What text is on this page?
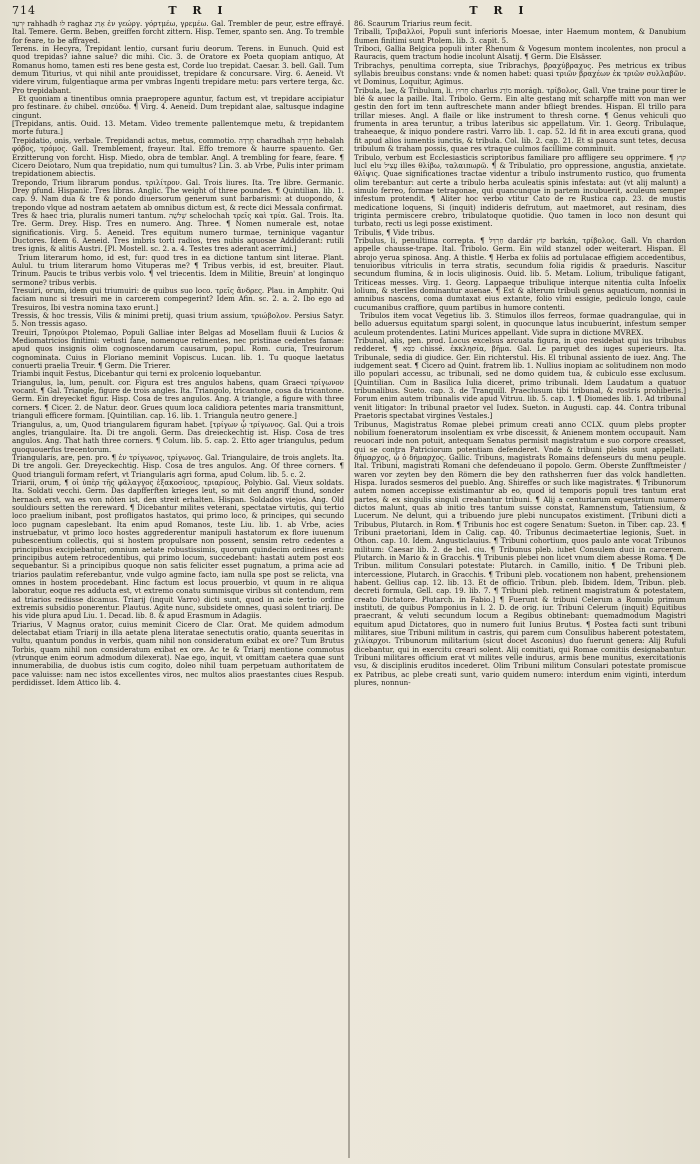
714	T R I	T R I

יִרְעַד rahhadh לוּ raghaz אָרַג ἐν γεώργ. γόρτμέω, γρεμέω. Gal. Trembler de peur, estre effrayé. Ital. Temere. Germ. Beben, greiffen forcht zittern. Hisp. Temer, spanto sen. Ang. To tremble for feare, to be affrayed.

Terens. in Hecyra, Trepidant lentio, cursant furiu deorum. Terens. in Eunuch. Quid est quod trepidas? iahne salue? dic mihi. Cic. 3. de Oratore ex Poeta quopiam antiquo, At Romanus homo, tamen esti res bene gesta est, Corde luo trepidat. Caesar. 3. bell. Gall. Tum demum Titurius, vt qui nihil ante prouidisset, trepidare & concursare. Virg. 6. Aeneid. Vt videre virum, fulgentiaque arma per vmbras Ingenti trepidare metu: pars vertere terga, &c. Pro trepidabant.

Et quoniam a tinentibus omnia praepropere aguntur, factum est, vt trepidare accipiatur pro festinare. ἐν chibel. σπεύδω. ¶ Virg. 4. Aeneid. Dum trepidant alae, saltusque indagine cingunt.

[Trepidans, antis. Ouid. 13. Metam. Video tremente pallentemque metu, & trepidantem morte futura.]

Trepidatio, onis, verbale. Trepidandi actus, metus, commotio. חֲרָדָה charadhah חֶרְדָּה hebalah φόβος, τρόμος. Gall. Tremblement, frayeur. Ital. Effo tremore & haurre spauento. Ger. Erzitterung von forcht. Hisp. Miedo, obra de temblar. Angl. A trembling for feare, feare. ¶ Cicero Deiotaro, Num qua trepidatio, num qui tumultus? Lin. 3. ab Vrbe, Pulis inter primam trepidationem abiectis.

Trepondo, Trium librarum pondus. τριλίτρον. Gal. Trois liures. Ita. Tre libre. Germanic. Drey pfund. Hispanic. Tres libras. Anglic. The weight of three poundes. ¶ Quintilian. lib. 1. cap. 9. Nam dua & tre & pondo diuersorum generum sunt barbarismi: at duopondo, & trepondo vlque ad nostram aetatem ab omnibus dictum est, & recte dici Messala confirmat.

Tres & haec tria, pluralis numeri tantum. שְׁלֹשָׁה schelochah τρεῖς καὶ τρία. Gal. Trois. Ita. Tre. Germ. Drey. Hisp. Tres en numero. Ang. Three. ¶ Nomen numerale est, notae significationis. Virg. 5. Aeneid. Tres equitum numero turmae, terninique vagantur Ductores. Idem 6. Aeneid. Tres imbris torti radios, tres nubis aquosae Addiderant: rutili tres ignis, & alitis Austri. [Pl. Mostell. sc. 2. a. 4. Testes tres aderant acerrimi.]

Trium literarum homo, id est, fur: quod tres in ea dictione tantum sint literae. Plant. Aulul. tu trium literarum homo Vituperas me? ¶ Tribus verbis, id est, breuiter. Plaut. Trinum. Paucis te tribus verbis volo. ¶ vel triecentis. Idem in Militie, Breuin' at longinquo sermone? tribus verbis.

Tresuiri, orum, idem qui triumuiri: de quibus suo loco. τρεῖς ἄνδρες. Plau. in Amphitr. Qui faciam nunc si tresuiri me in carcerem compegerint? Idem Afin. sc. 2. a. 2. Ibo ego ad Tresuiros, Ibi vestra nomina taxo erunt.]

Tressis, & hoc tressis, Vilis & minimi pretij, quasi trium assium, τριώβολον. Persius Satyr. 5. Non tressis agaso.

Treuiri, Τρηούιροι Ptolemao, Populi Galliae inter Belgas ad Mosellam fluuii & Lucios & Mediomatricios finitimi: vetusti fane, nomenque retinentes, nec pristinae cedentes famae: apud quos insignis olim cognoscendarum causarum, popul. Rom. curia, Treuirorum cognominata. Cuius in Floriano meminit Vopiscus. Lucan. lib. 1. Tu quoque laetatus conuerti praelia Treuir. ¶ Germ. Die Trierer.

Triambi inquit Festus, Dicebantur qui terni ex prolcenio loquebantur.

Triangulus, la, lum, penult. cor. Figura est tres angulos habens, quam Graeci τρίγωνον vocant. ¶ Gal. Triangle, figure de trois angles. Ita. Triangolo, tricantone, cosa da tricantone. Germ. Ein dreyecket figur. Hisp. Cosa de tres angulos. Ang. A triangle, a figure with three corners. ¶ Cicer. 2. de Natur. deor. Grues quum loca calidiora petentes maria transmittunt, trianguli efficere formam. [Quintilian. cap. 16. lib. 1. Triangula neutro genere.]

Triangulus, a, um, Quod triangularem figuram habet. [τρίγων ᾧ τρίγωνος. Gal. Qui a trois angles, triangulaire. Ita. Di tre angoli. Germ. Das dreieckechtig ist. Hisp. Cosa de tres angulos. Ang. That hath three corners. ¶ Colum. lib. 5. cap. 2. Etto ager triangulus, pedum quoquouerfus trecentorum.

Triangularis, are, pen. pro. ¶ ἐν τρίγωνος, τρίγωνος. Gal. Triangulaire, de trois anglets. Ita. Di tre angoli. Ger. Dreyeckechtig. Hisp. Cosa de tres angulos. Ang. Of three corners. ¶ Quod trianguli formam refert, vt Triangularis agri forma, apud Colum. lib. 5. c. 2.

Triarii, orum, ¶ οἱ ὑπὲρ τῆς φάλαγγος ἐξακοσίους, τριαρίους, Polybio. Gal. Vieux soldats. Ita. Soldati vecchi. Germ. Das dapfferften krieges leut, so mit den angriff thund, sonder hernach erst, wa es von nöten ist, den streit erhalten. Hispan. Soldados viejos. Ang. Old souldiours setten the rereward. ¶ Dicebantur milites veterani, spectatae virtutis, qui tertio loco praelium inibant, post profligatos hastatos, qui primo loco, & principes, qui secundo loco pugnam capeslebant. Ita enim apud Romanos, teste Liu. lib. 1. ab Vrbe, acies instruebatur, vt primo loco hostes aggrederentur manipuli hastatorum ex flore iuuenum pubescentium collectis, qui si hostem propulsare non possent, sensim retro cedentes a principibus excipiebantur, omnium aetate robustissimis, quorum quindecim ordines erant: principibus autem retrocedentibus, qui primo locum, succedebant: hastati autem post eos sequebantur. Si a principibus quoque non satis feliciter esset pugnatum, a prima acie ad triarios paulatim referebantur, vnde vulgo agmine facto, iam nulla spe post se relicta, vna omnes in hostem procedebant. Hinc factum est locus prouerbio, vt quum in re aliqua laboratur, eoque res adducta est, vt extremo conatu summisque viribus sit contendum, rem ad triarios rediisse dicamus. Triarij (inquit Varro) dicti sunt, quod in acie tertio ordine extremis subsidio ponerentur. Plautus. Agite nunc, subsidete omnes, quasi solent triarij. De his vide plura apud Liu. 1. Decad. lib. 8. & apud Erasmum in Adagiis.

Triarius, V Magnus orator, cuius meminit Cicero de Clar. Orat. Me quidem admodum delectabat etiam Triarij in illa aetate plena literatae senectutis oratio, quanta seueritas in vultu, quantum pondus in verbis, quam nihil non consideratum exibat ex ore? Tum Brutus Torbis, quam nihil non consideratum exibat ex ore. Ac te & Triarij mentione commotus (vtrunque enim eorum admodum dilexerat). Nae ego, inquit, vt omittam caetera quae sunt innumerabilia, de duobus istis cum cogito, doleo nihil tuam perpetuam authoritatem de pace valuisse: nam nec istos excellentes viros, nec multos alios praestantes ciues Respub. perdidisset. Idem Attico lib. 4.

86. Scaurum Triarius reum fecit.

Triballi, Τριβαλλοί, Populi sunt inferioris Moesae, inter Haemum montem, & Danubium flumen finitimi sunt Ptolem. lib. 3. capit. 5.

Triboci, Gallia Belgica populi inter Rhenum & Vogesum montem incolentes, non procul a Rauracis, quem tractum hodie incolunt Alsatij. ¶ Germ. Die Elsässer.

Tribrachys, penultima correpta, siue Tribrachys, βραχύβραχυς. Pes metricus ex tribus syllabis breuibus constans: vnde & nomen habet: quasi τριῶν βραχέων ἐκ τριῶν συλλαβῶν. vt Dominus, Loquitur, Agimus.

Tribula, lae, & Tribulum, li. חָרוּץ charlus מוֹרַג morágh. τρίβολος. Gall. Vne traine pour tirer le blé & auec la paille. Ital. Tribolo. Germ. Ein alte gestang mit scharpffe mitt von man wer gestin den fort im tenn auftreschete mann ander bfliegt brendes. Hispan. El trillo para trillar mieses. Angl. A flaile or like instrument to thresh corne. ¶ Genus vehiculi quo frumenta in area teruntur, a tribus lateribus sic appellatum. Vir. 1. Georg. Tribulaque, traheaeque, & iniquo pondere rastri. Varro lib. 1. cap. 52. Id fit in area excuti grana, quod fit apud alios iumentis iunctis, & tribula. Col. lib. 2. cap. 21. Et si pauca sunt tetes, decusa tribulum & traham possis, quae res vtraque culmos facillime comminuit.

Tribulo, verbum est Ecclesiasticis scriptoribus familiare pro affligere seu opprimere. ¶ קוץ lucl elu עֲצִיל illes θλίβω, ταλαιπωρῶ. ¶ & Tribulatio, pro oppressione, angustia, anxietate. θλῖψις. Quae significationes tractae videntur a tribulo instrumento rustico, quo frumenta olim terebantur: aut certe a tribulo herba aculeatis spinis infestata: aut (vt alij malunt) a simulo ferreo, formae tetragonae, qui quancunque in partem incubuerit, aculeum semper infestum protendit. ¶ Aliter hoc verbo vtitur Cato de re Rustica cap. 23. de mustis medicatione loquens, Si (inquit) indideris defrutum, aut maetmoret, aut resinam, dies triginta permiscere crebro, tribulatoque quotidie. Quo tamen in loco non desunt qui turbato, recti us legi posse existiment.

Tribulis, ¶ Vide tribus.

Tribulus, li, penultima correpta. ¶ חַרְדָּל dardár קוֹץ barkán, τρίβολος. Gall. Vn chardon appelle chausse-trape. Ital. Tribolo. Germ. Ein wild stanzel oder weiterart. Hispan. El abrojo yerua spinosa. Ang. A thistle. ¶ Herba ex foliis ad portulacae effigiem accedentibus, tenuioribus vitriculis in terra stratis, secundum folia rigidis & praeduris. Nascitur secundum flumina, & in locis uliginosis. Ouid. lib. 5. Metam. Lolium, tribulique fatigant, Triticeas messes. Virg. 1. Georg. Lappaeque tribulique interque nitentia culta Infoelix lolium, & steriles dominantur auenae. ¶ Est & alterum tribuli genus aquaticum, nonnisi in amnibus nascens, coma dumtaxat eius extante, folio vlmi essigie, pediculo longo, caule cucumanibus craffiore, quum partibus in humore contenti.

Tribulos item vocat Vegetius lib. 3. Stimulos illos ferreos, formae quadrangulae, qui in bello aduersus equitatum spargi solent, in quocunque latus incubuerint, infestum semper aculeum protendentes. Latini Murices appellant. Vide supra in dictione MVREX.

Tribunal, alis, pen. prod. Locus excelsus arcuata figura, in quo residebat qui ius tribubus redderet. ¶ כִּסֵּא chissé. ἐκκλησία, βῆμα. Gal. Le parquet des iuges superieurs. Ita. Tribunale, sedia di giudice. Ger. Ein richterstul. His. El tribunal assiento de iuez. Ang. The iudgement seat. ¶ Cicero ad Quint. fratrem lib. 1. Nullius inopiam ac solitudinem non modo illo populari accessu, ac tribunali, sed ne domo quidem tua, & cubiculo esse exclusum. [Quintilian. Cum in Basilica Iulia diceret, primo tribunali. Idem Laudatum a quatuor tribunalibus. Sueto. cap. 3. de Tranquill. Praeclusum tibi tribunal, & rostris prohiberis.] Forum enim autem tribunalis vide apud Vitruu. lib. 5. cap. 1. ¶ Diomedes lib. 1. Ad tribunal venit litigator: In tribunal praetor vel Iudex. Sueton. in Augusti. cap. 44. Contra tribunal Praetoris spectabat virgines Vestales.]

Tribunus, Magistratus Romae plebei primum creati anno CCLX. quum plebs propter nobilium foeneratorum insolentiam ex vrbe discessit, & Anienem montem occupauit. Nam reuocari inde non potuit, antequam Senatus permisit magistratum e suo corpore creasset, qui se contra Patriciorum potentiam defenderet. Vnde & tribuni plebis sunt appellati. δήμαρχος, ᾧ ὁ δήμαρχος. Gallic. Tribuns, magistrats Romains defenseurs du menu peuple. Ital. Tribuni, magistrati Romani che defendeuano il popolo. Germ. Oberste Zunfftmeister / waren vor zeyten bey den Römern die bey den rathsherren fuer das volck handletten. Hispa. Iurados sesmeros del pueblo. Ang. Shireffes or such like magistrates. ¶ Tribunorum autem nomen accepisse existimantur ab eo, quod id temporis populi tres tantum erat partes, & ex singulis singuli creabantur tribuni. ¶ Alij a centuriarum equestrium numero dictos malunt, quas ab initio tres tantum suisse constat, Ramnenstum, Tatiensium, & Lucerum. Ne delunt, qui a tribuendo jure plebi nuncupatos existiment. [Tribuni dicti a Tribubus, Plutarch. in Rom. ¶ Tribunis hoc est cogere Senatum: Sueton. in Tiber. cap. 23. ¶ Tribuni praetoriani, Idem in Calig. cap. 40. Tribunus decimaetertiae legionis, Suet. in Othon. cap. 10. Idem. Angusticlauius. ¶ Tribuni cohortium, quos paulo ante vocat Tribunos militum: Caesar lib. 2. de bel. ciu. ¶ Tribunus pleb. iubet Consulem duci in carcerem. Plutarch. in Mario & in Gracchis. ¶ Tribunis plebei non licet vnum diem abesse Roma. ¶ De Tribun. militum Consulari potestate: Plutarch. in Camillo, initio. ¶ De Tribuni pleb. intercessione, Plutarch. in Gracchis. ¶ Tribuni pleb. vocationem non habent, prehensionem habent. Gellius cap. 12. lib. 13. Et de officio. Tribun. pleb. Ibidem. Idem, Tribun. pleb. decreti formula, Gell. cap. 19. lib. 7. ¶ Tribuni pleb. retinent magistratum & potestatem, creato Dictatore. Plutarch. in Fabio.] ¶ Fuerunt & tribuni Celerum a Romulo primum instituti, de quibus Pomponius in l. 2. D. de orig. iur. Tribuni Celerum (inquit) Equitibus praecrant, & veluti secundum locum a Regibus obtinebant: quemadmodum Magistri equitum apud Dictatores, quo in numero fuit Iunius Brutus. ¶ Postea facti sunt tribuni militares, siue Tribuni militum in castris, qui parem cum Consulibus haberent potestatem, χιλίαρχοι. Tribunorum militarium (sicut docet Asconius) duo fuerunt genera: Alij Rufuli dicebantur, qui in exercitu creari solent. Alij comitiati, qui Romae comitiis designabantur. Tribuni militares officium erat vt milites velle indurus, armis bene munitus, exercitationis vsu, & disciplinis eruditos incederet. Olim Tribuni militum Consulari potestate promiscue ex Patribus, ac plebe creati sunt, vario quidem numero: interdum enim viginti, interdum plures, nonnun-
